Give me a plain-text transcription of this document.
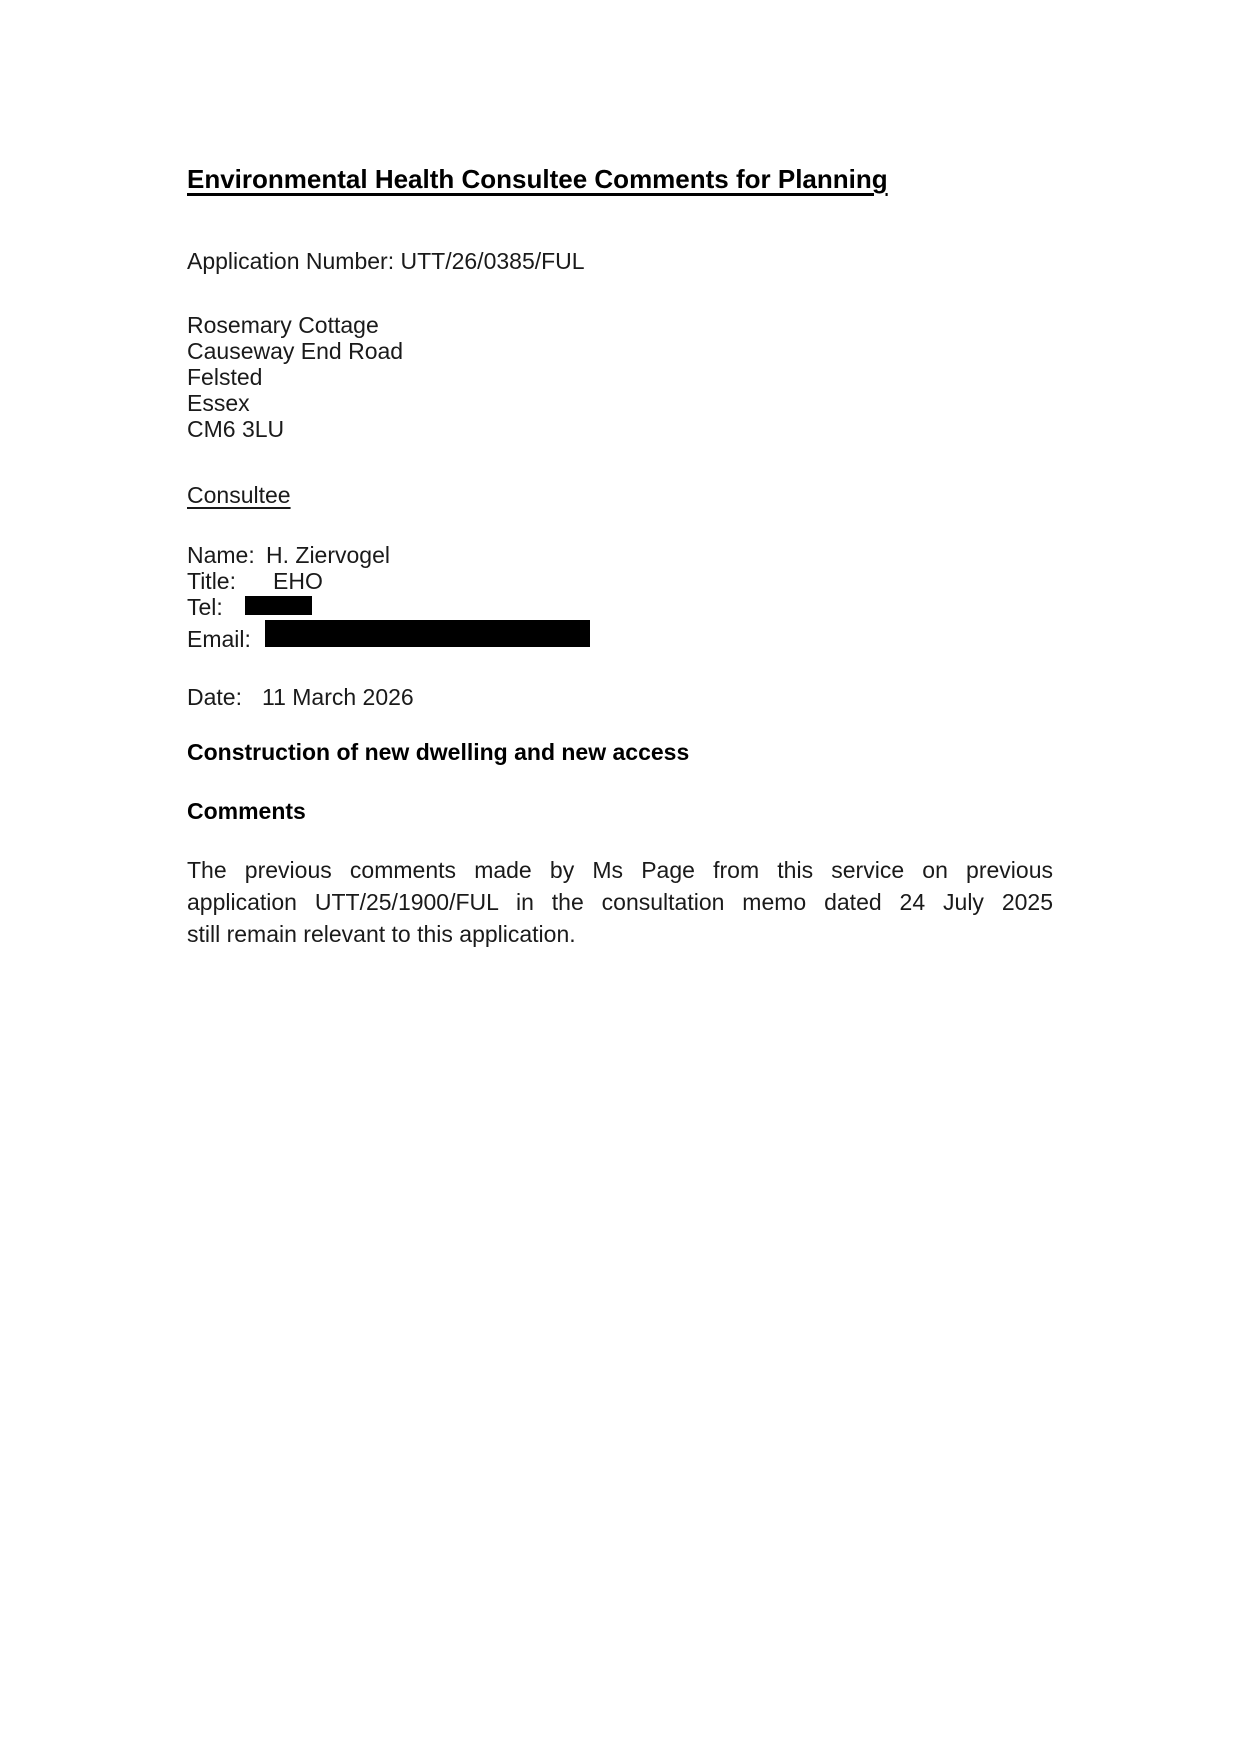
Environmental Health Consultee Comments for Planning
Application Number: UTT/26/0385/FUL
Rosemary Cottage
Causeway End Road
Felsted
Essex
CM6 3LU
Consultee
Name: H. Ziervogel
Title:	EHO
Tel:
Email:
Date: 11 March 2026
Construction of new dwelling and new access
Comments
The previous comments made by Ms Page from this service on previous
application UTT/25/1900/FUL in the consultation memo dated 24 July 2025
still remain relevant to this application.
